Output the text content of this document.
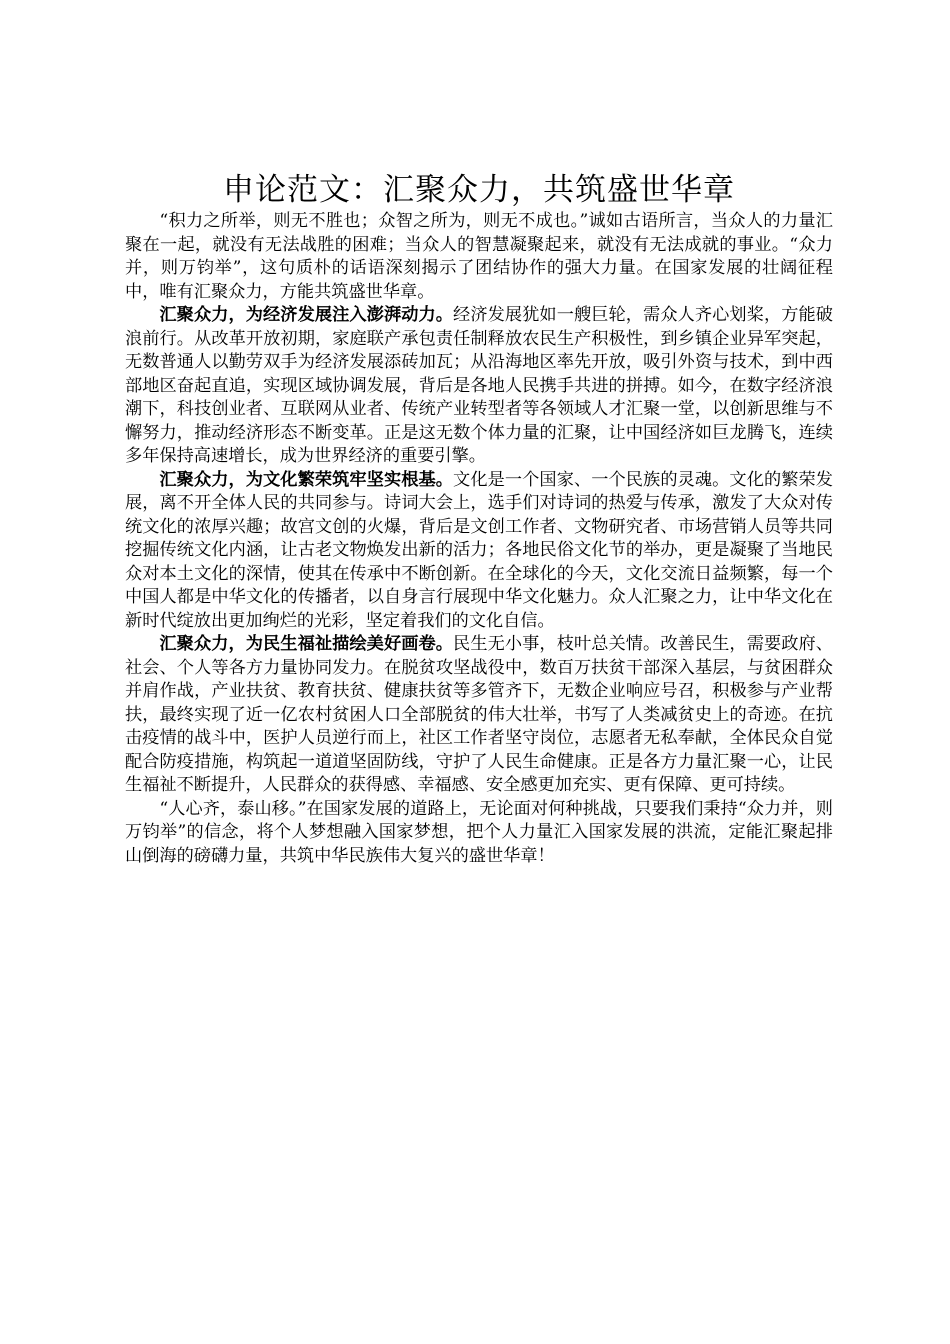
申论范文：汇聚众力，共筑盛世华章

“积力之所举，则无不胜也；众智之所为，则无不成也。”诚如古语所言，当众人的力量汇聚在一起，就没有无法战胜的困难；当众人的智慧凝聚起来，就没有无法成就的事业。“众力并，则万钧举”，这句质朴的话语深刻揭示了团结协作的强大力量。在国家发展的壮阔征程中，唯有汇聚众力，方能共筑盛世华章。

汇聚众力，为经济发展注入澎湃动力。经济发展犹如一艘巨轮，需众人齐心划桨，方能破浪前行。从改革开放初期，家庭联产承包责任制释放农民生产积极性，到乡镇企业异军突起，无数普通人以勤劳双手为经济发展添砖加瓦；从沿海地区率先开放，吸引外资与技术，到中西部地区奋起直追，实现区域协调发展，背后是各地人民携手共进的拼搏。如今，在数字经济浪潮下，科技创业者、互联网从业者、传统产业转型者等各领域人才汇聚一堂，以创新思维与不懈努力，推动经济形态不断变革。正是这无数个体力量的汇聚，让中国经济如巨龙腾飞，连续多年保持高速增长，成为世界经济的重要引擎。

汇聚众力，为文化繁荣筑牢坚实根基。文化是一个国家、一个民族的灵魂。文化的繁荣发展，离不开全体人民的共同参与。诗词大会上，选手们对诗词的热爱与传承，激发了大众对传统文化的浓厚兴趣；故宫文创的火爆，背后是文创工作者、文物研究者、市场营销人员等共同挖掘传统文化内涵，让古老文物焕发出新的活力；各地民俗文化节的举办，更是凝聚了当地民众对本土文化的深情，使其在传承中不断创新。在全球化的今天，文化交流日益频繁，每一个中国人都是中华文化的传播者，以自身言行展现中华文化魅力。众人汇聚之力，让中华文化在新时代绽放出更加绚烂的光彩，坚定着我们的文化自信。

汇聚众力，为民生福祉描绘美好画卷。民生无小事，枝叶总关情。改善民生，需要政府、社会、个人等各方力量协同发力。在脱贫攻坚战役中，数百万扶贫干部深入基层，与贫困群众并肩作战，产业扶贫、教育扶贫、健康扶贫等多管齐下，无数企业响应号召，积极参与产业帮扶，最终实现了近一亿农村贫困人口全部脱贫的伟大壮举，书写了人类减贫史上的奇迹。在抗击疫情的战斗中，医护人员逆行而上，社区工作者坚守岗位，志愿者无私奉献，全体民众自觉配合防疫措施，构筑起一道道坚固防线，守护了人民生命健康。正是各方力量汇聚一心，让民生福祉不断提升，人民群众的获得感、幸福感、安全感更加充实、更有保障、更可持续。

“人心齐，泰山移。”在国家发展的道路上，无论面对何种挑战，只要我们秉持“众力并，则万钧举”的信念，将个人梦想融入国家梦想，把个人力量汇入国家发展的洪流，定能汇聚起排山倒海的磅礴力量，共筑中华民族伟大复兴的盛世华章！
